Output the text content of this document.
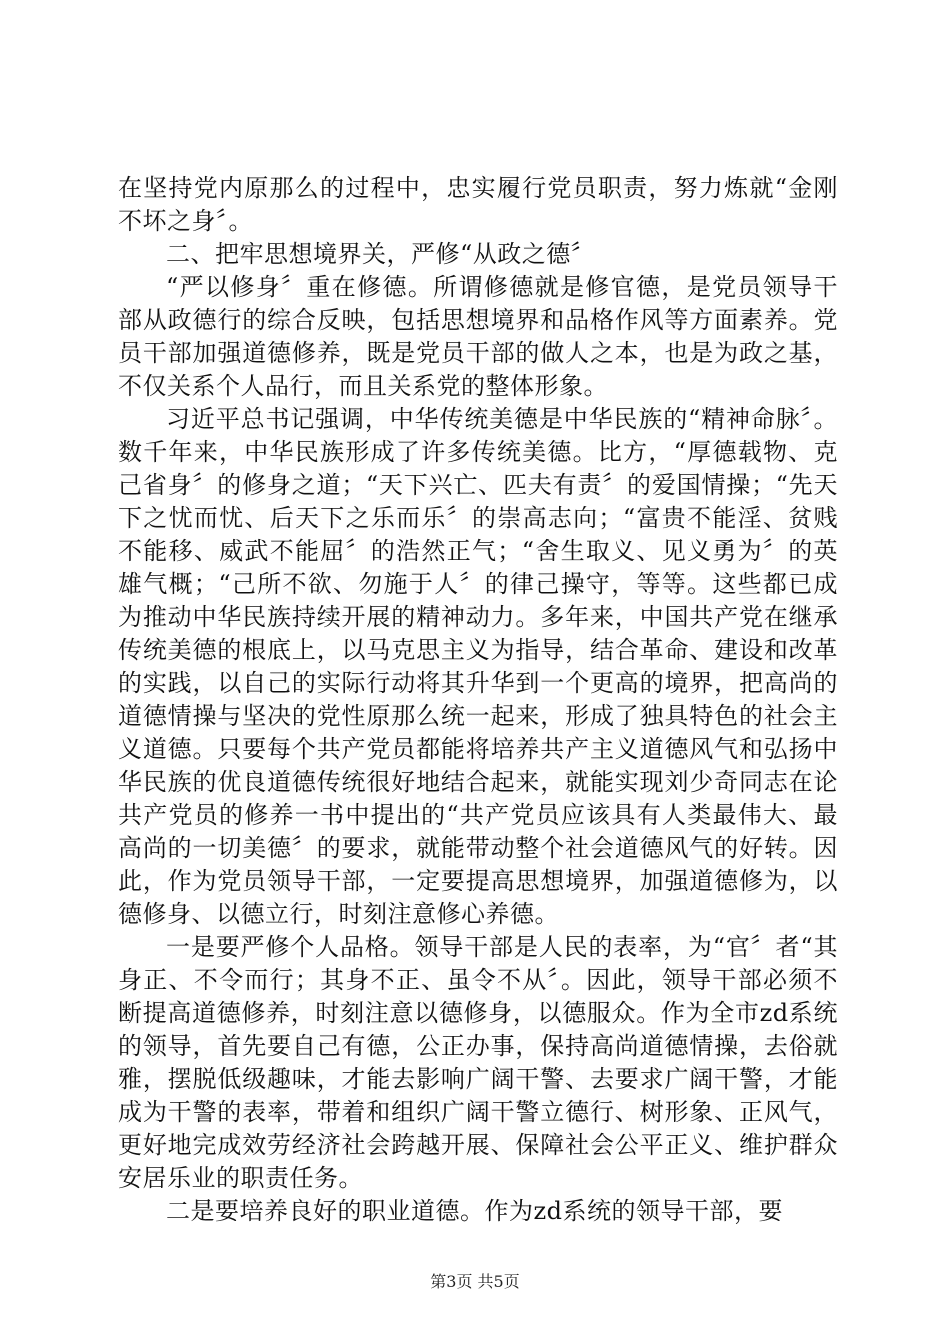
在坚持党内原那么的过程中，忠实履行党员职责，努力炼就“金刚不坏之身〞。

二、把牢思想境界关，严修“从政之德〞

“严以修身〞重在修德。所谓修德就是修官德，是党员领导干部从政德行的综合反映，包括思想境界和品格作风等方面素养。党员干部加强道德修养，既是党员干部的做人之本，也是为政之基，不仅关系个人品行，而且关系党的整体形象。

习近平总书记强调，中华传统美德是中华民族的“精神命脉〞。数千年来，中华民族形成了许多传统美德。比方，“厚德载物、克己省身〞的修身之道；“天下兴亡、匹夫有责〞的爱国情操；“先天下之忧而忧、后天下之乐而乐〞的崇高志向；“富贵不能淫、贫贱不能移、威武不能屈〞的浩然正气；“舍生取义、见义勇为〞的英雄气概；“己所不欲、勿施于人〞的律己操守，等等。这些都已成为推动中华民族持续开展的精神动力。多年来，中国共产党在继承传统美德的根底上，以马克思主义为指导，结合革命、建设和改革的实践，以自己的实际行动将其升华到一个更高的境界，把高尚的道德情操与坚决的党性原那么统一起来，形成了独具特色的社会主义道德。只要每个共产党员都能将培养共产主义道德风气和弘扬中华民族的优良道德传统很好地结合起来，就能实现刘少奇同志在论共产党员的修养一书中提出的“共产党员应该具有人类最伟大、最高尚的一切美德〞的要求，就能带动整个社会道德风气的好转。因此，作为党员领导干部，一定要提高思想境界，加强道德修为，以德修身、以德立行，时刻注意修心养德。

一是要严修个人品格。领导干部是人民的表率，为“官〞者“其身正、不令而行；其身不正、虽令不从〞。因此，领导干部必须不断提高道德修养，时刻注意以德修身，以德服众。作为全市zd系统的领导，首先要自己有德，公正办事，保持高尚道德情操，去俗就雅，摆脱低级趣味，才能去影响广阔干警、去要求广阔干警，才能成为干警的表率，带着和组织广阔干警立德行、树形象、正风气，更好地完成效劳经济社会跨越开展、保障社会公平正义、维护群众安居乐业的职责任务。

二是要培养良好的职业道德。作为zd系统的领导干部，要

第3页 共5页
